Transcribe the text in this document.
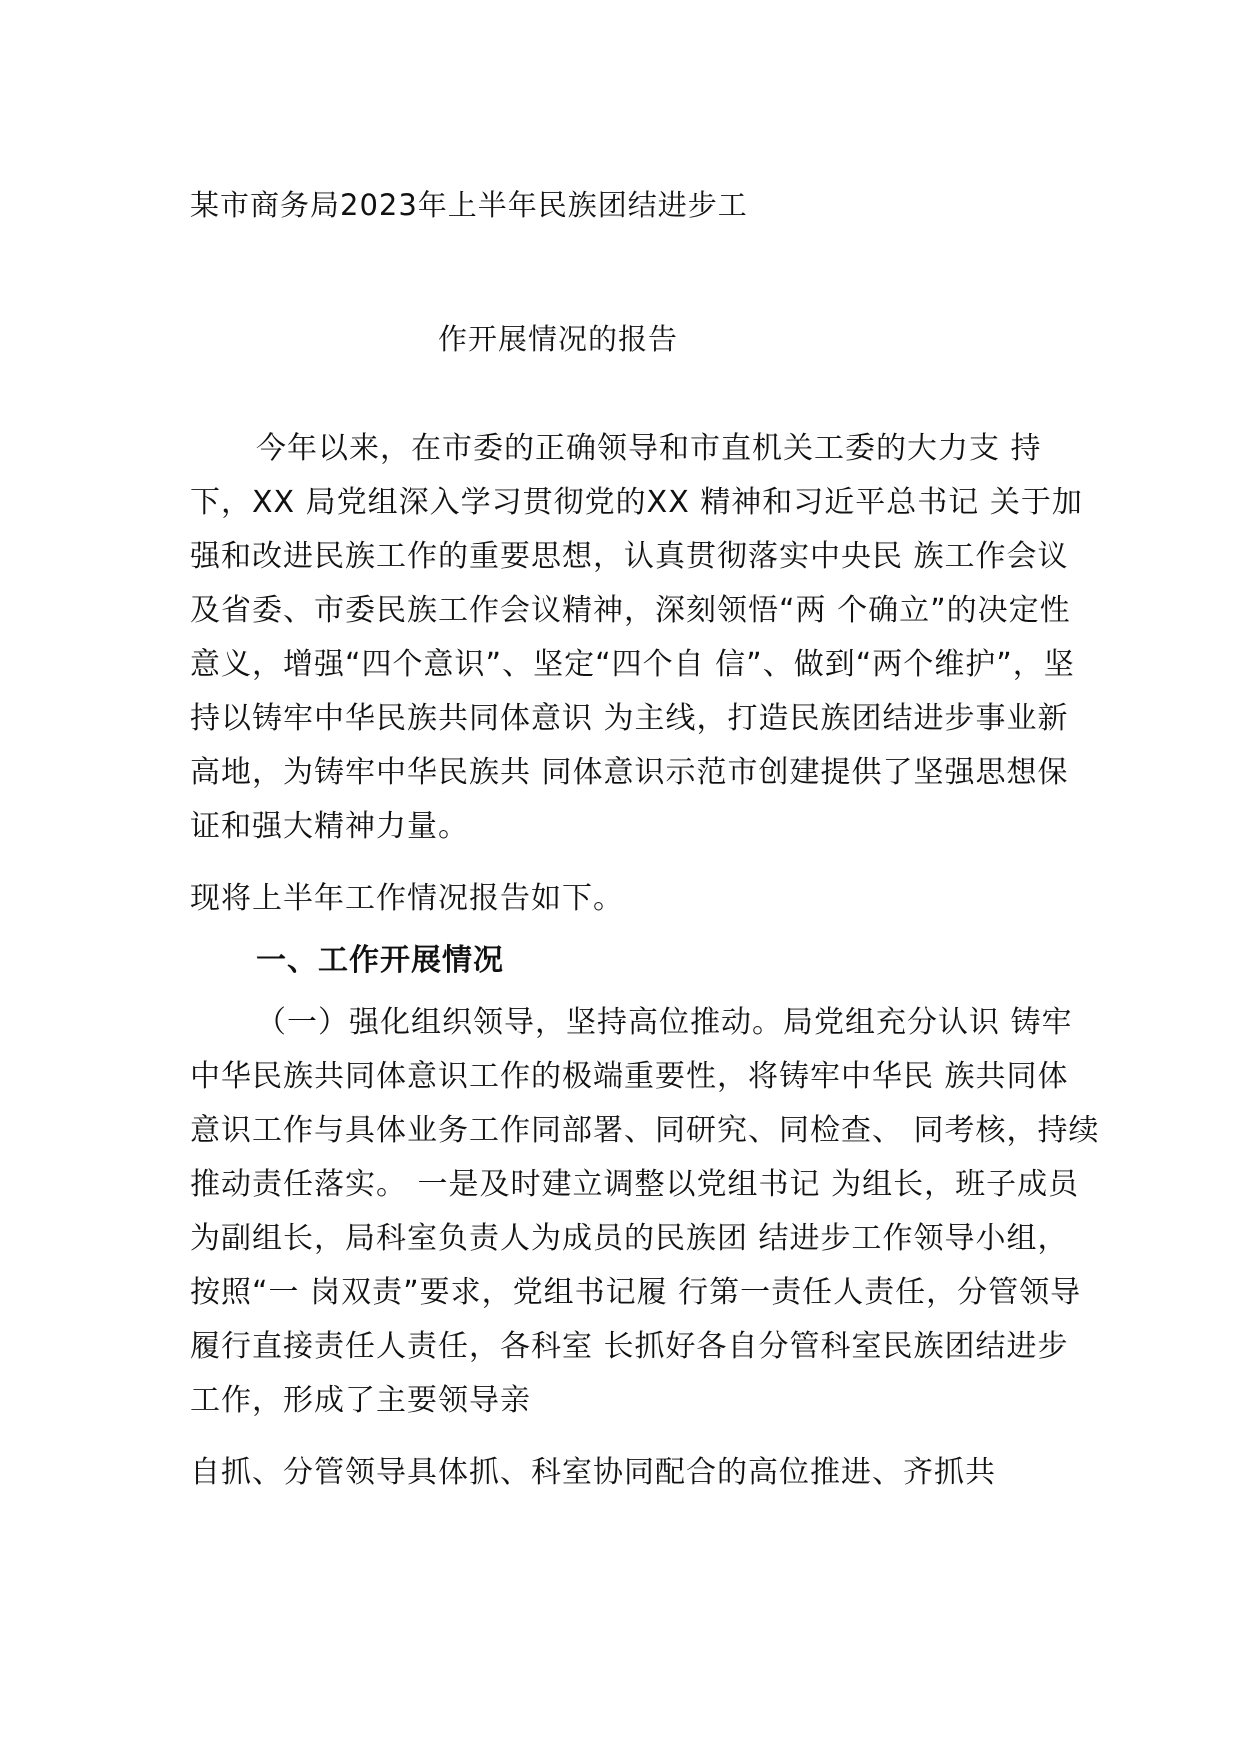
某市商务局2023年上半年民族团结进步工
作开展情况的报告
今年以来，在市委的正确领导和市直机关工委的大力支 持
下，XX 局党组深入学习贯彻党的XX 精神和习近平总书记 关于加
强和改进民族工作的重要思想，认真贯彻落实中央民 族工作会议
及省委、市委民族工作会议精神，深刻领悟“两 个确立”的决定性
意义，增强“四个意识”、坚定“四个自 信”、做到“两个维护”，坚
持以铸牢中华民族共同体意识 为主线，打造民族团结进步事业新
高地，为铸牢中华民族共 同体意识示范市创建提供了坚强思想保
证和强大精神力量。
现将上半年工作情况报告如下。
一、工作开展情况
（一）强化组织领导，坚持高位推动。局党组充分认识 铸牢
中华民族共同体意识工作的极端重要性，将铸牢中华民 族共同体
意识工作与具体业务工作同部署、同研究、同检查、 同考核，持续
推动责任落实。 一是及时建立调整以党组书记 为组长，班子成员
为副组长，局科室负责人为成员的民族团 结进步工作领导小组，
按照“一 岗双责”要求，党组书记履 行第一责任人责任，分管领导
履行直接责任人责任，各科室 长抓好各自分管科室民族团结进步
工作，形成了主要领导亲
自抓、分管领导具体抓、科室协同配合的高位推进、齐抓共
